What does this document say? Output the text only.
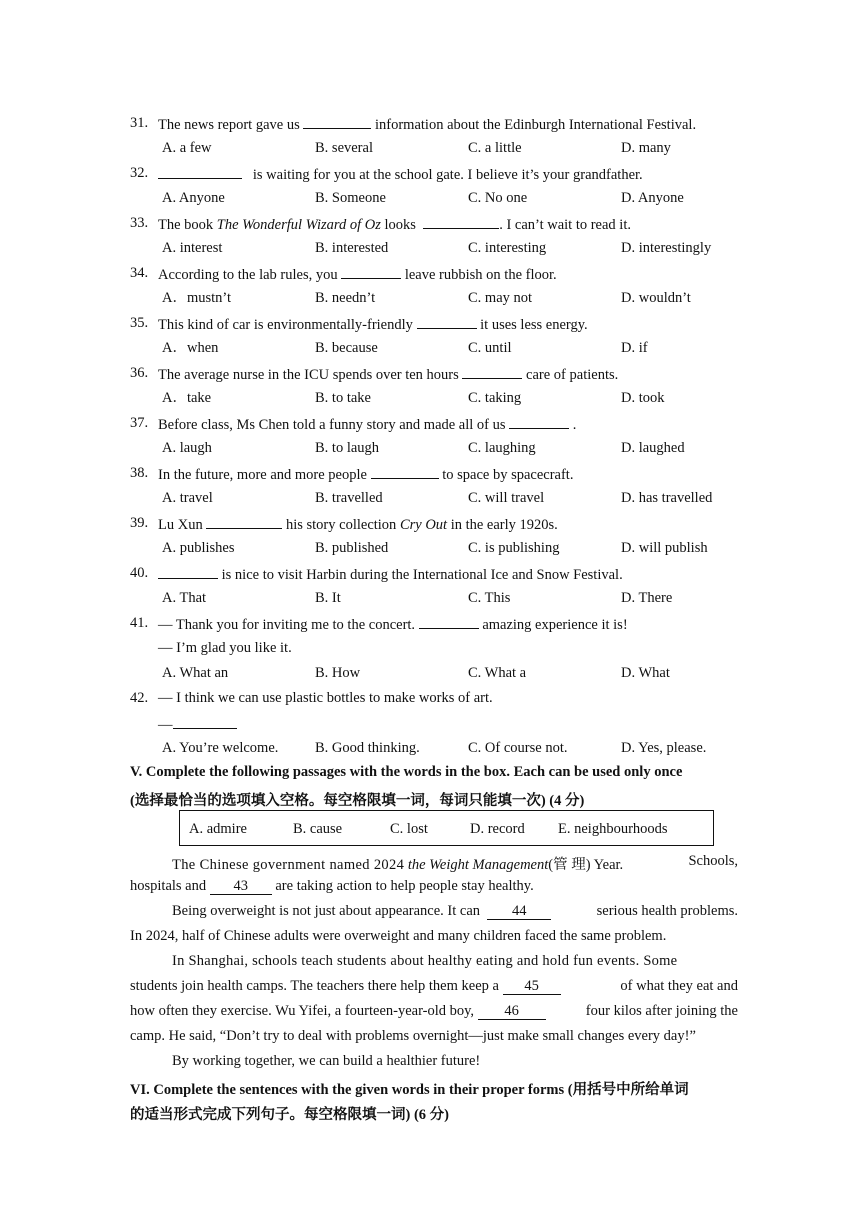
31. The news report gave us	information about the Edinburgh International Festival.
A. a few	B. several	C. a little	D. many
32.	is waiting for you at the school gate. I believe it’s your grandfather.
A. Anyone	B. Someone	C. No one	D. Anyone
33. The book The Wonderful Wizard of Oz looks	. I can’t wait to read it.
A. interest	B. interested	C. interesting	D. interestingly
34. According to the lab rules, you	leave rubbish on the floor.
A．mustn’t	B. needn’t	C. may not	D. wouldn’t
35. This kind of car is environmentally-friendly	it uses less energy.
A．when	B. because	C. until	D. if
36. The average nurse in the ICU spends over ten hours	care of patients.
A．take	B. to take	C. taking	D. took
37. Before class, Ms Chen told a funny story and made all of us	.
A. laugh	B. to laugh	C. laughing	D. laughed
38. In the future, more and more people	to space by spacecraft.
A. travel	B. travelled	C. will travel	D. has travelled
39. Lu Xun	his story collection Cry Out in the early 1920s.
A. publishes	B. published	C. is publishing	D. will publish
40.	is nice to visit Harbin during the International Ice and Snow Festival.
A. That	B. It	C. This	D. There
41. — Thank you for inviting me to the concert.	amazing experience it is!
— I’m glad you like it.
A. What an	B. How	C. What a	D. What
42. — I think we can use plastic bottles to make works of art.
—
A. You’re welcome.	B. Good thinking.	C. Of course not.	D. Yes, please.
V. Complete the following passages with the words in the box. Each can be used only once
(选择最恰当的选项填入空格。每空格限填一词，每词只能填一次) (4 分)
A. admire	B. cause	C. lost	D. record E. neighbourhoods
The Chinese government named 2024 the Weight Management(管 理) Year.	Schools,
hospitals and 43 are taking action to help people stay healthy.
Being overweight is not just about appearance. It can 44	serious health problems.
In 2024, half of Chinese adults were overweight and many children faced the same problem.
In Shanghai, schools teach students about healthy eating and hold fun events. Some
students join health camps. The teachers there help them keep a 45	of what they eat and
how often they exercise. Wu Yifei, a fourteen-year-old boy, 46	four kilos after joining the
camp. He said, “Don’t try to deal with problems overnight—just make small changes every day!”
By working together, we can build a healthier future!
VI. Complete the sentences with the given words in their proper forms (用括号中所给单词
的适当形式完成下列句子。每空格限填一词) (6 分)
